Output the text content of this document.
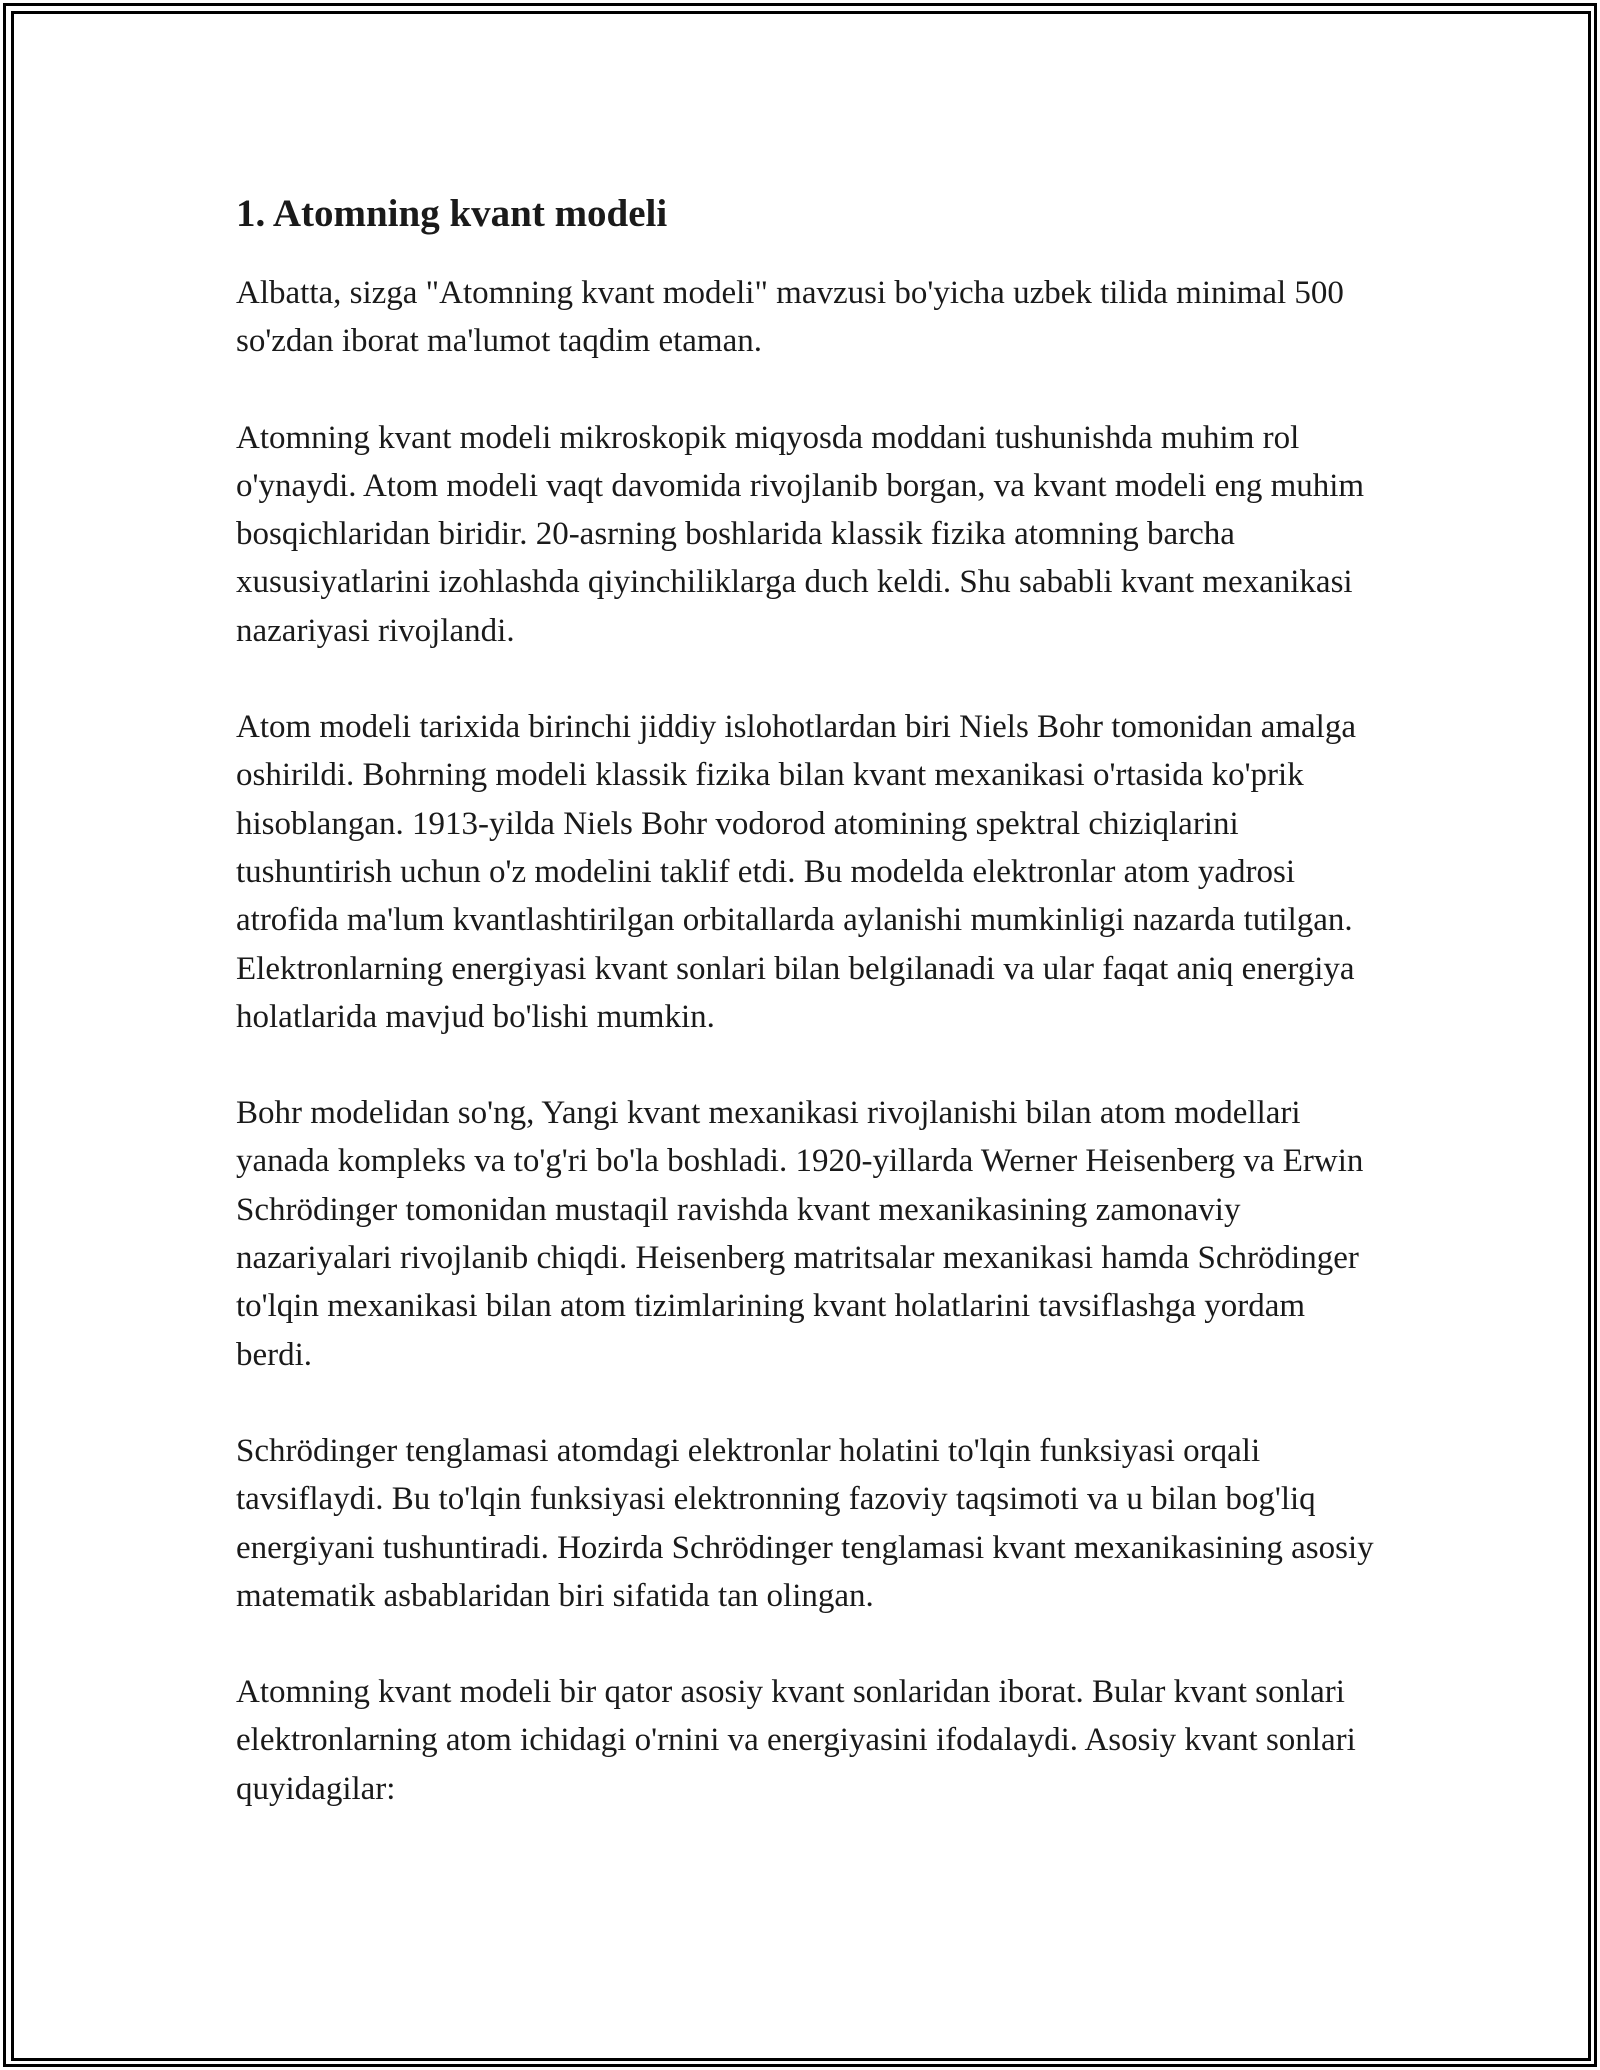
1. Atomning kvant modeli

Albatta, sizga "Atomning kvant modeli" mavzusi bo'yicha uzbek tilida minimal 500 so'zdan iborat ma'lumot taqdim etaman.

Atomning kvant modeli mikroskopik miqyosda moddani tushunishda muhim rol o'ynaydi. Atom modeli vaqt davomida rivojlanib borgan, va kvant modeli eng muhim bosqichlaridan biridir. 20-asrning boshlarida klassik fizika atomning barcha xususiyatlarini izohlashda qiyinchiliklarga duch keldi. Shu sababli kvant mexanikasi nazariyasi rivojlandi.

Atom modeli tarixida birinchi jiddiy islohotlardan biri Niels Bohr tomonidan amalga oshirildi. Bohrning modeli klassik fizika bilan kvant mexanikasi o'rtasida ko'prik hisoblangan. 1913-yilda Niels Bohr vodorod atomining spektral chiziqlarini tushuntirish uchun o'z modelini taklif etdi. Bu modelda elektronlar atom yadrosi atrofida ma'lum kvantlashtirilgan orbitallarda aylanishi mumkinligi nazarda tutilgan. Elektronlarning energiyasi kvant sonlari bilan belgilanadi va ular faqat aniq energiya holatlarida mavjud bo'lishi mumkin.

Bohr modelidan so'ng, Yangi kvant mexanikasi rivojlanishi bilan atom modellari yanada kompleks va to'g'ri bo'la boshladi. 1920-yillarda Werner Heisenberg va Erwin Schrödinger tomonidan mustaqil ravishda kvant mexanikasining zamonaviy nazariyalari rivojlanib chiqdi. Heisenberg matritsalar mexanikasi hamda Schrödinger to'lqin mexanikasi bilan atom tizimlarining kvant holatlarini tavsiflashga yordam berdi.

Schrödinger tenglamasi atomdagi elektronlar holatini to'lqin funksiyasi orqali tavsiflaydi. Bu to'lqin funksiyasi elektronning fazoviy taqsimoti va u bilan bog'liq energiyani tushuntiradi. Hozirda Schrödinger tenglamasi kvant mexanikasining asosiy matematik asbablaridan biri sifatida tan olingan.

Atomning kvant modeli bir qator asosiy kvant sonlaridan iborat. Bular kvant sonlari elektronlarning atom ichidagi o'rnini va energiyasini ifodalaydi. Asosiy kvant sonlari quyidagilar:
